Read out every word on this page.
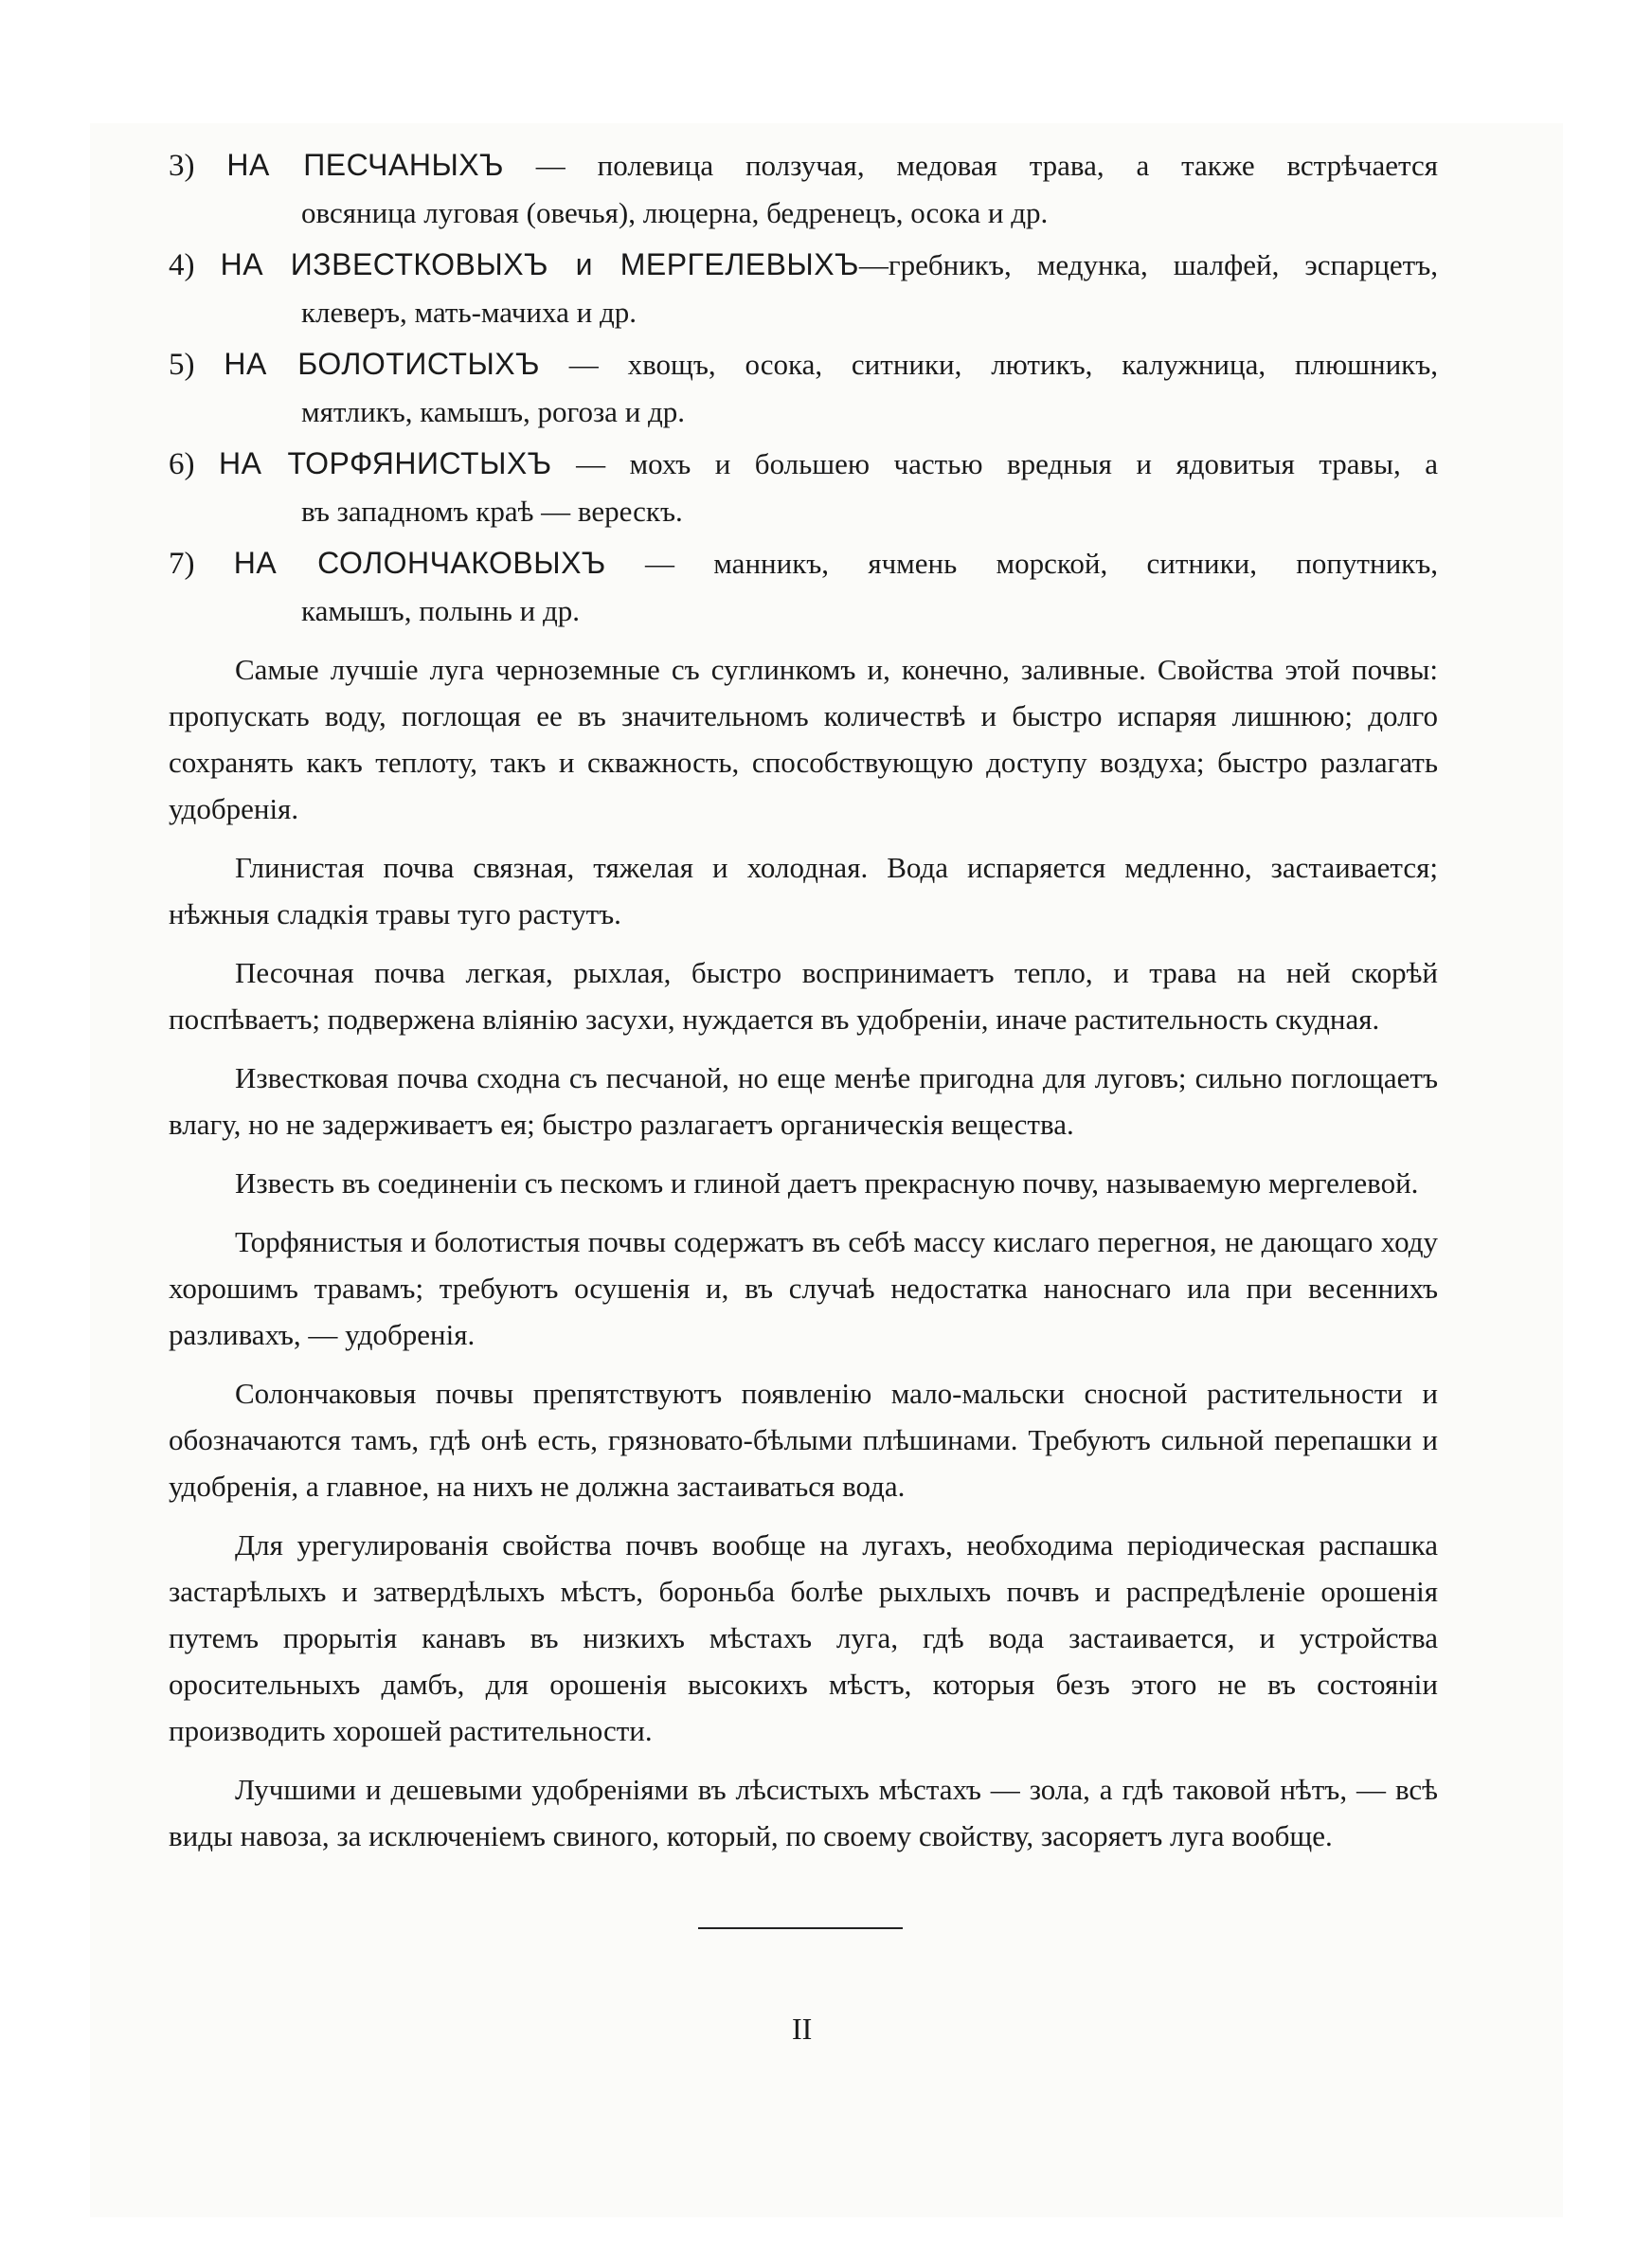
3) НА ПЕСЧАНЫХЪ — полевица ползучая, медовая трава, а также встрѣчается
овсяница луговая (овечья), люцерна, бедренецъ, осока и др.
4) НА ИЗВЕСТКОВЫХЪ и МЕРГЕЛЕВЫХЪ—гребникъ, медунка, шалфей, эспарцетъ,
клеверъ, мать-мачиха и др.
5) НА БОЛОТИСТЫХЪ — хвощъ, осока, ситники, лютикъ, калужница, плюшникъ,
мятликъ, камышъ, рогоза и др.
6) НА ТОРФЯНИСТЫХЪ — мохъ и большею частью вредныя и ядовитыя травы, а
въ западномъ краѣ — верескъ.
7) НА СОЛОНЧАКОВЫХЪ — манникъ, ячмень морской, ситники, попутникъ,
камышъ, полынь и др.

Самые лучшіе луга черноземные съ суглинкомъ и, конечно, заливные. Свойства этой почвы: пропускать воду, поглощая ее въ значительномъ количествѣ и быстро испаряя лишнюю; долго сохранять какъ теплоту, такъ и скважность, способствующую доступу воздуха; быстро разлагать удобренія.

Глинистая почва связная, тяжелая и холодная. Вода испаряется медленно, застаивается; нѣжныя сладкія травы туго растутъ.

Песочная почва легкая, рыхлая, быстро воспринимаетъ тепло, и трава на ней скорѣй поспѣваетъ; подвержена вліянію засухи, нуждается въ удобреніи, иначе растительность скудная.

Известковая почва сходна съ песчаной, но еще менѣе пригодна для луговъ; сильно поглощаетъ влагу, но не задерживаетъ ея; быстро разлагаетъ органическія вещества.

Известь въ соединеніи съ пескомъ и глиной даетъ прекрасную почву, называемую мергелевой.

Торфянистыя и болотистыя почвы содержатъ въ себѣ массу кислаго перегноя, не дающаго ходу хорошимъ травамъ; требуютъ осушенія и, въ случаѣ недостатка наноснаго ила при весеннихъ разливахъ, — удобренія.

Солончаковыя почвы препятствуютъ появленію мало-мальски сносной растительности и обозначаются тамъ, гдѣ онѣ есть, грязновато-бѣлыми плѣшинами. Требуютъ сильной перепашки и удобренія, а главное, на нихъ не должна застаиваться вода.

Для урегулированія свойства почвъ вообще на лугахъ, необходима періодическая распашка застарѣлыхъ и затвердѣлыхъ мѣстъ, бороньба болѣе рыхлыхъ почвъ и распредѣленіе орошенія путемъ прорытія канавъ въ низкихъ мѣстахъ луга, гдѣ вода застаивается, и устройства оросительныхъ дамбъ, для орошенія высокихъ мѣстъ, которыя безъ этого не въ состояніи производить хорошей растительности.

Лучшими и дешевыми удобреніями въ лѣсистыхъ мѣстахъ — зола, а гдѣ таковой нѣтъ, — всѣ виды навоза, за исключеніемъ свиного, который, по своему свойству, засоряетъ луга вообще.

II
